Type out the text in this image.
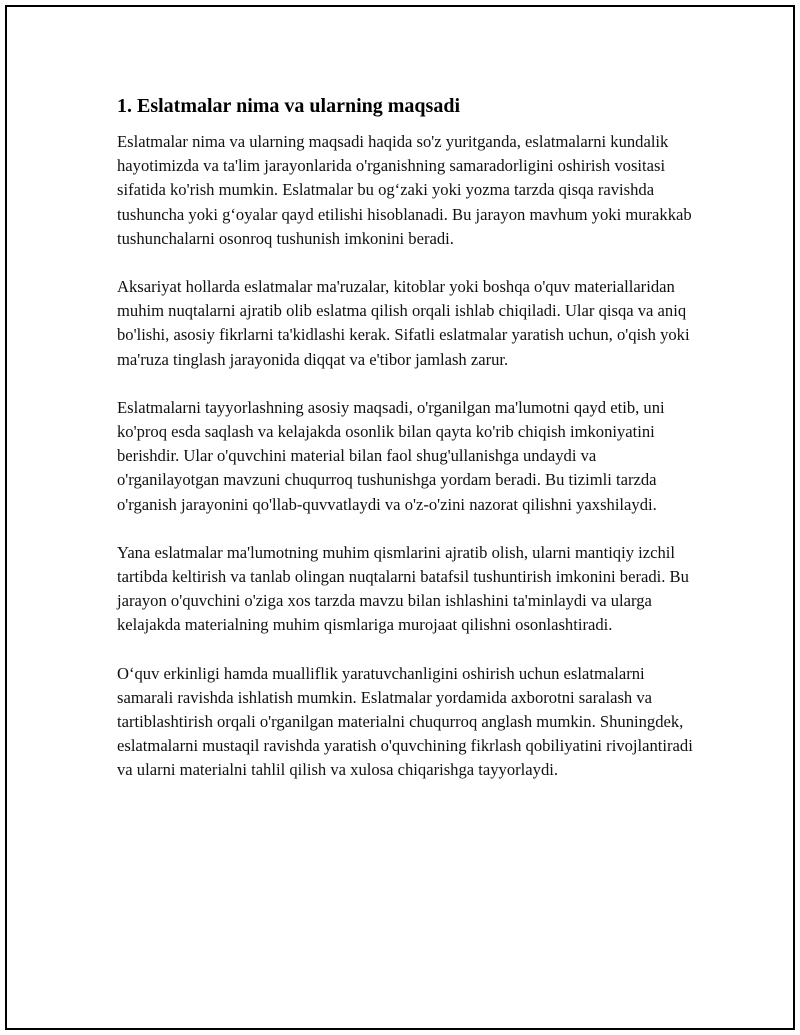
1. Eslatmalar nima va ularning maqsadi

Eslatmalar nima va ularning maqsadi haqida so'z yuritganda, eslatmalarni kundalik hayotimizda va ta'lim jarayonlarida o'rganishning samaradorligini oshirish vositasi sifatida ko'rish mumkin. Eslatmalar bu og‘zaki yoki yozma tarzda qisqa ravishda tushuncha yoki g‘oyalar qayd etilishi hisoblanadi. Bu jarayon mavhum yoki murakkab tushunchalarni osonroq tushunish imkonini beradi.

Aksariyat hollarda eslatmalar ma'ruzalar, kitoblar yoki boshqa o'quv materiallaridan muhim nuqtalarni ajratib olib eslatma qilish orqali ishlab chiqiladi. Ular qisqa va aniq bo'lishi, asosiy fikrlarni ta'kidlashi kerak. Sifatli eslatmalar yaratish uchun, o'qish yoki ma'ruza tinglash jarayonida diqqat va e'tibor jamlash zarur.

Eslatmalarni tayyorlashning asosiy maqsadi, o'rganilgan ma'lumotni qayd etib, uni ko'proq esda saqlash va kelajakda osonlik bilan qayta ko'rib chiqish imkoniyatini berishdir. Ular o'quvchini material bilan faol shug'ullanishga undaydi va o'rganilayotgan mavzuni chuqurroq tushunishga yordam beradi. Bu tizimli tarzda o'rganish jarayonini qo'llab-quvvatlaydi va o'z-o'zini nazorat qilishni yaxshilaydi.

Yana eslatmalar ma'lumotning muhim qismlarini ajratib olish, ularni mantiqiy izchil tartibda keltirish va tanlab olingan nuqtalarni batafsil tushuntirish imkonini beradi. Bu jarayon o'quvchini o'ziga xos tarzda mavzu bilan ishlashini ta'minlaydi va ularga kelajakda materialning muhim qismlariga murojaat qilishni osonlashtiradi.

O‘quv erkinligi hamda mualliflik yaratuvchanligini oshirish uchun eslatmalarni samarali ravishda ishlatish mumkin. Eslatmalar yordamida axborotni saralash va tartiblashtirish orqali o'rganilgan materialni chuqurroq anglash mumkin. Shuningdek, eslatmalarni mustaqil ravishda yaratish o'quvchining fikrlash qobiliyatini rivojlantiradi va ularni materialni tahlil qilish va xulosa chiqarishga tayyorlaydi.
